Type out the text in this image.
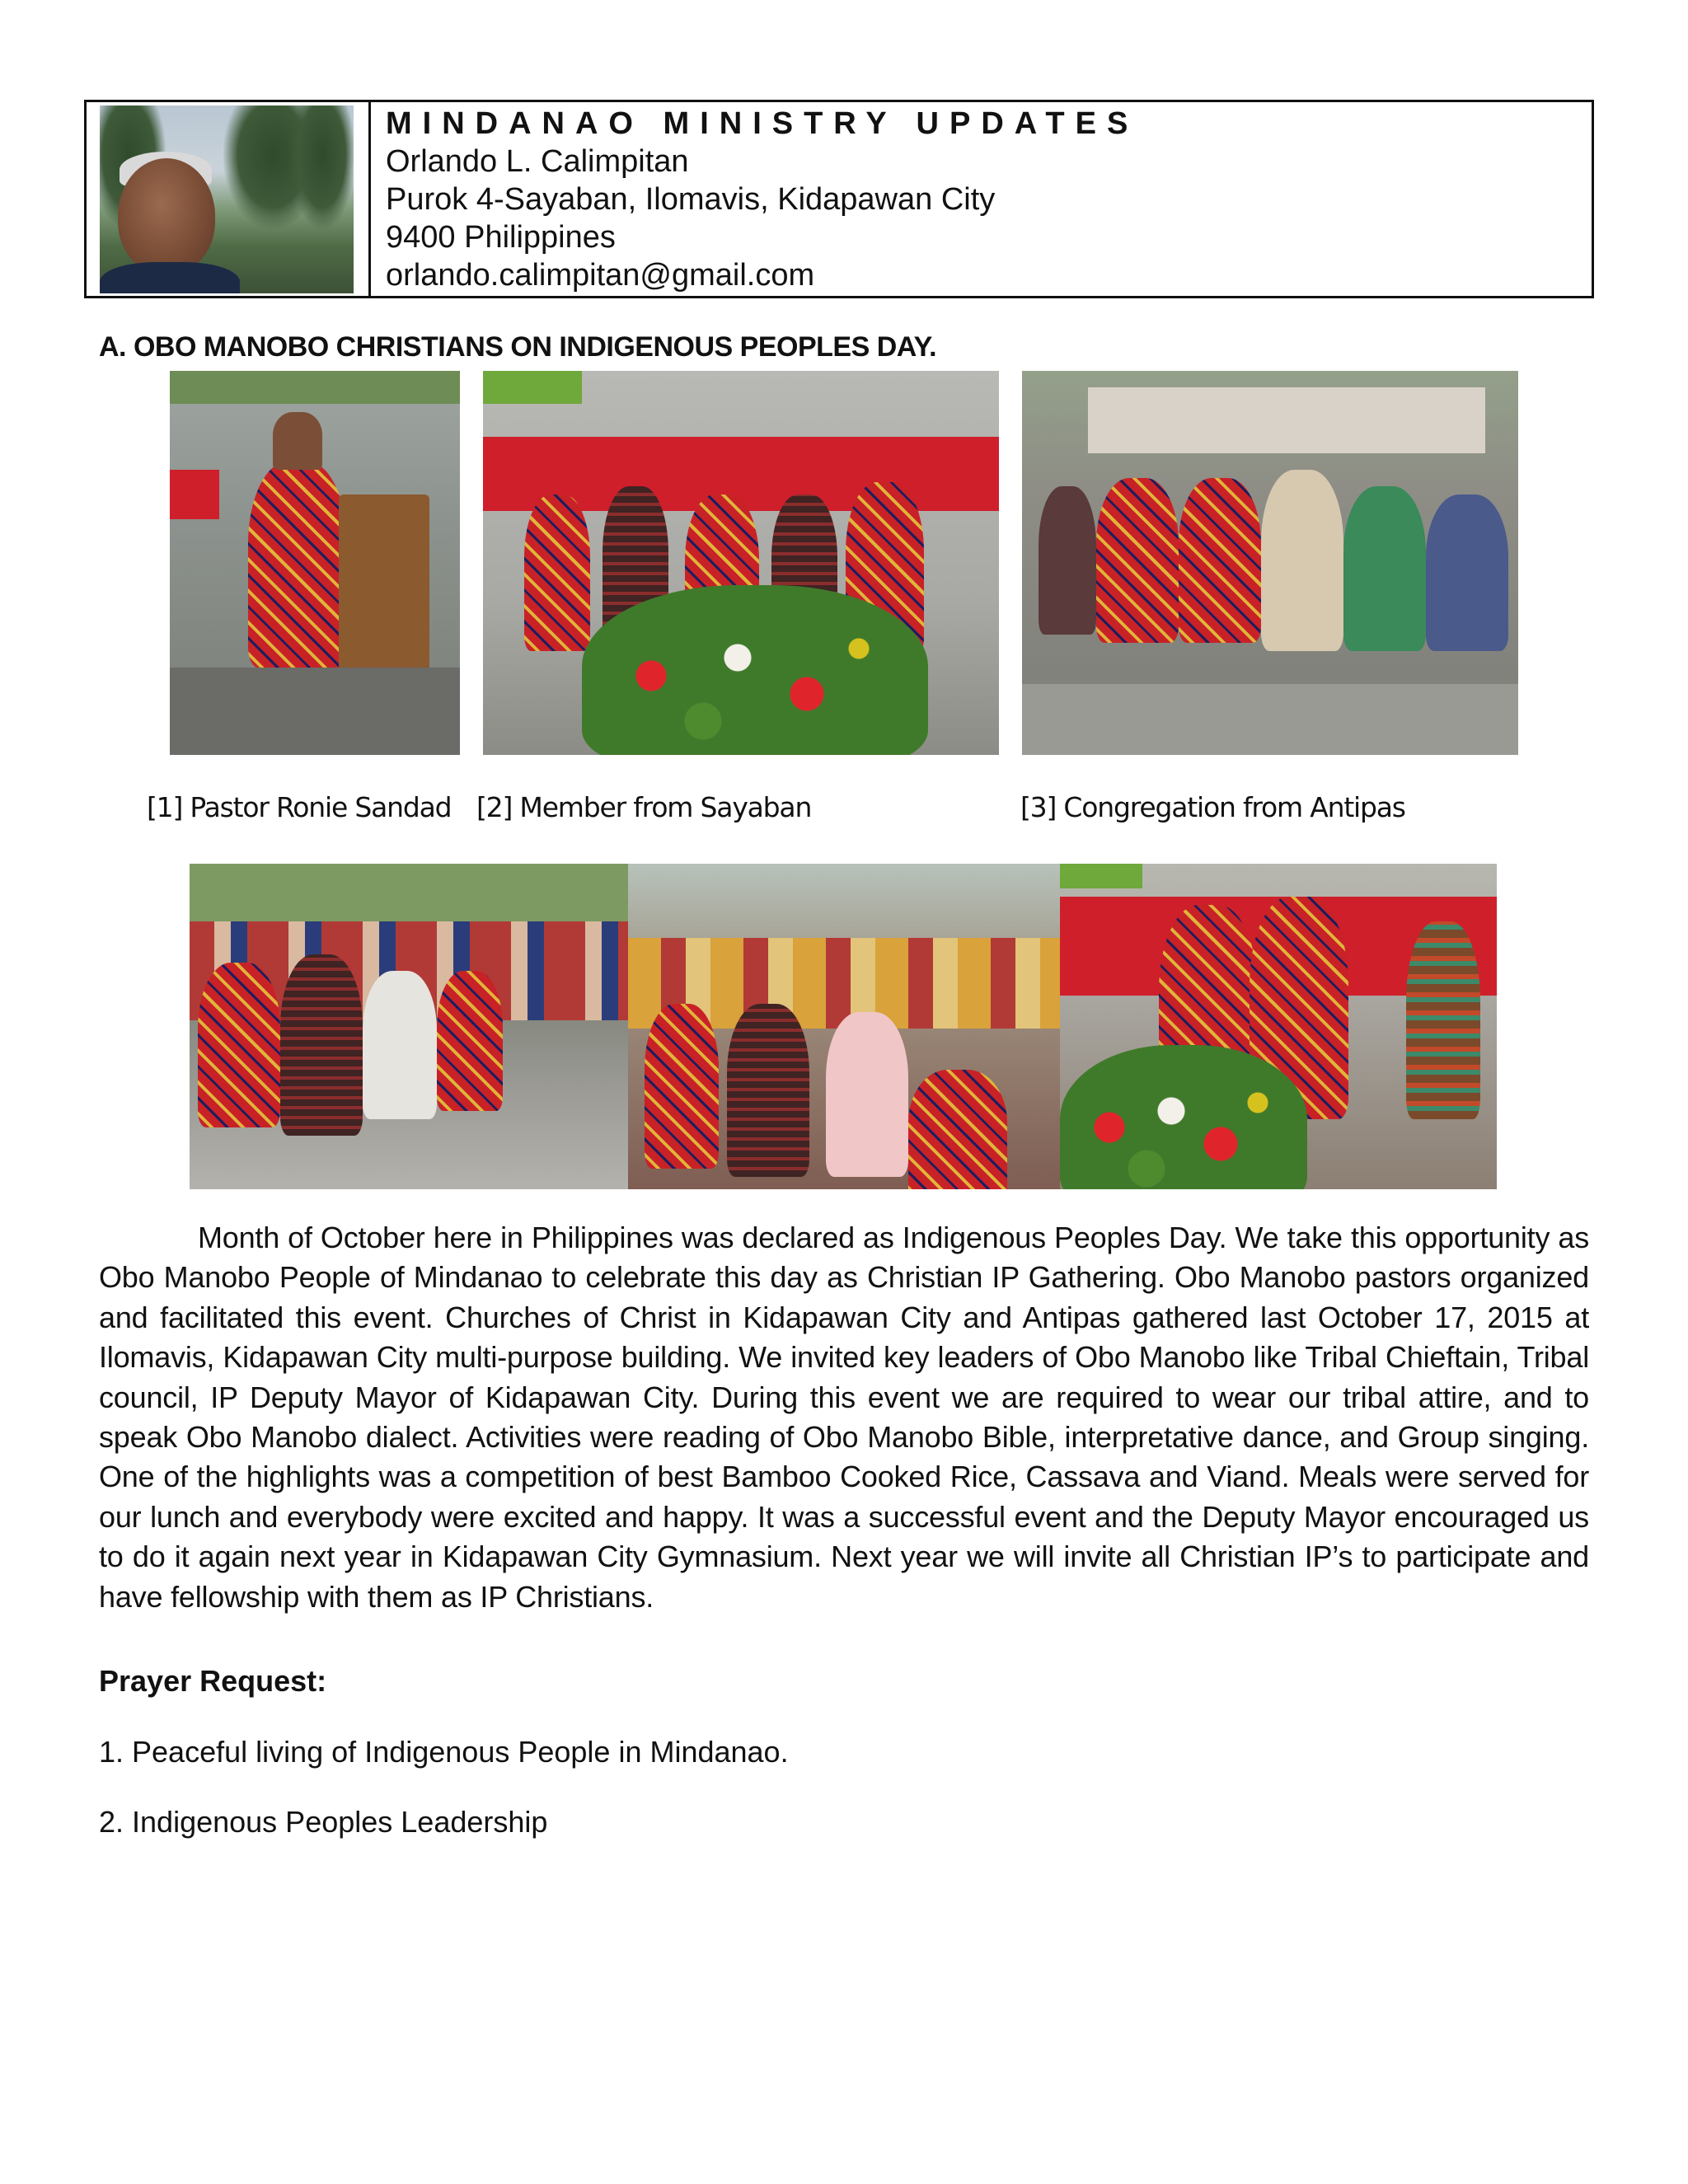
MINDANAO MINISTRY UPDATES

Orlando L. Calimpitan

Purok 4-Sayaban, Ilomavis, Kidapawan City

9400 Philippines

orlando.calimpitan@gmail.com

A. OBO MANOBO CHRISTIANS ON INDIGENOUS PEOPLES DAY.

[1] Pastor Ronie Sandad [2] Member from Sayaban	[3] Congregation from Antipas

Month of October here in Philippines was declared as Indigenous Peoples Day. We take this opportunity as Obo Manobo People of Mindanao to celebrate this day as Christian IP Gathering. Obo Manobo pastors organized and facilitated this event. Churches of Christ in Kidapawan City and Antipas gathered last October 17, 2015 at Ilomavis, Kidapawan City multi-purpose building. We invited key leaders of Obo Manobo like Tribal Chieftain, Tribal council, IP Deputy Mayor of Kidapawan City. During this event we are required to wear our tribal attire, and to speak Obo Manobo dialect. Activities were reading of Obo Manobo Bible, interpretative dance, and Group singing. One of the highlights was a competition of best Bamboo Cooked Rice, Cassava and Viand. Meals were served for our lunch and everybody were excited and happy. It was a successful event and the Deputy Mayor encouraged us to do it again next year in Kidapawan City Gymnasium. Next year we will invite all Christian IP’s to participate and have fellowship with them as IP Christians.

Prayer Request:

1. Peaceful living of Indigenous People in Mindanao.
2. Indigenous Peoples Leadership
